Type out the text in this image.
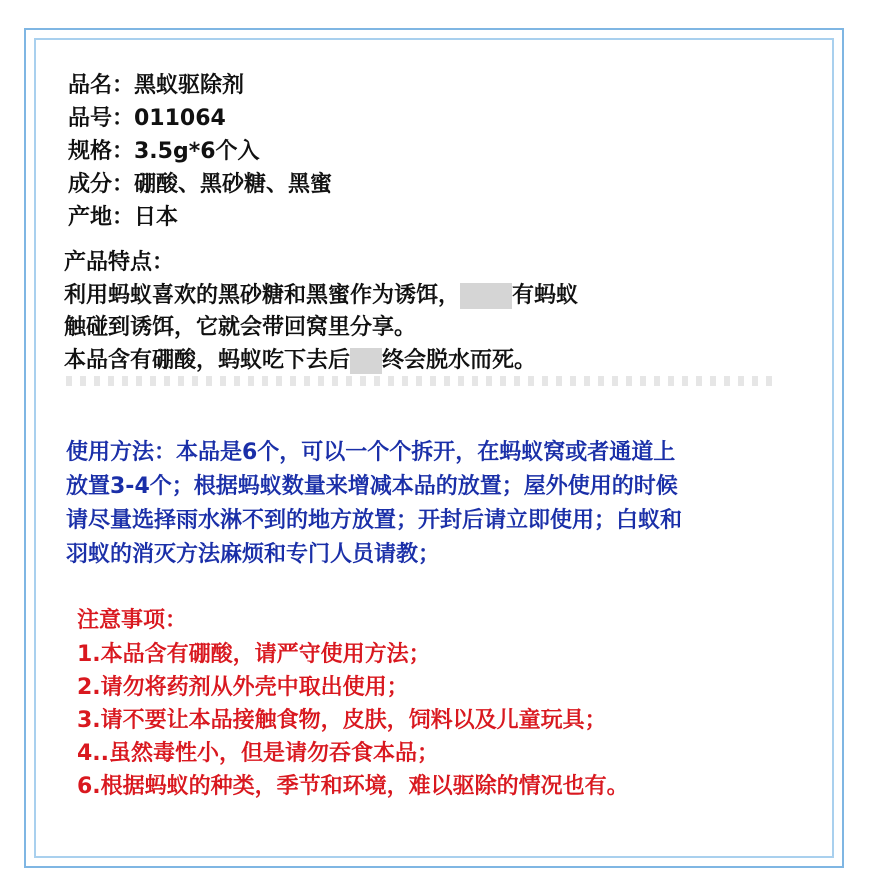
品名：黑蚁驱除剂
品号：011064
规格：3.5g*6个入
成分：硼酸、黑砂糖、黑蜜
产地：日本
产品特点：
利用蚂蚁喜欢的黑砂糖和黑蜜作为诱饵， 有蚂蚁
触碰到诱饵，它就会带回窝里分享。
本品含有硼酸，蚂蚁吃下去后 终会脱水而死。
使用方法：本品是6个，可以一个个拆开，在蚂蚁窝或者通道上
放置3-4个；根据蚂蚁数量来增减本品的放置；屋外使用的时候
请尽量选择雨水淋不到的地方放置；开封后请立即使用；白蚁和
羽蚁的消灭方法麻烦和专门人员请教；
注意事项：
1.本品含有硼酸，请严守使用方法；
2.请勿将药剂从外壳中取出使用；
3.请不要让本品接触食物，皮肤，饲料以及儿童玩具；
4..虽然毒性小，但是请勿吞食本品；
6.根据蚂蚁的种类，季节和环境，难以驱除的情况也有。
